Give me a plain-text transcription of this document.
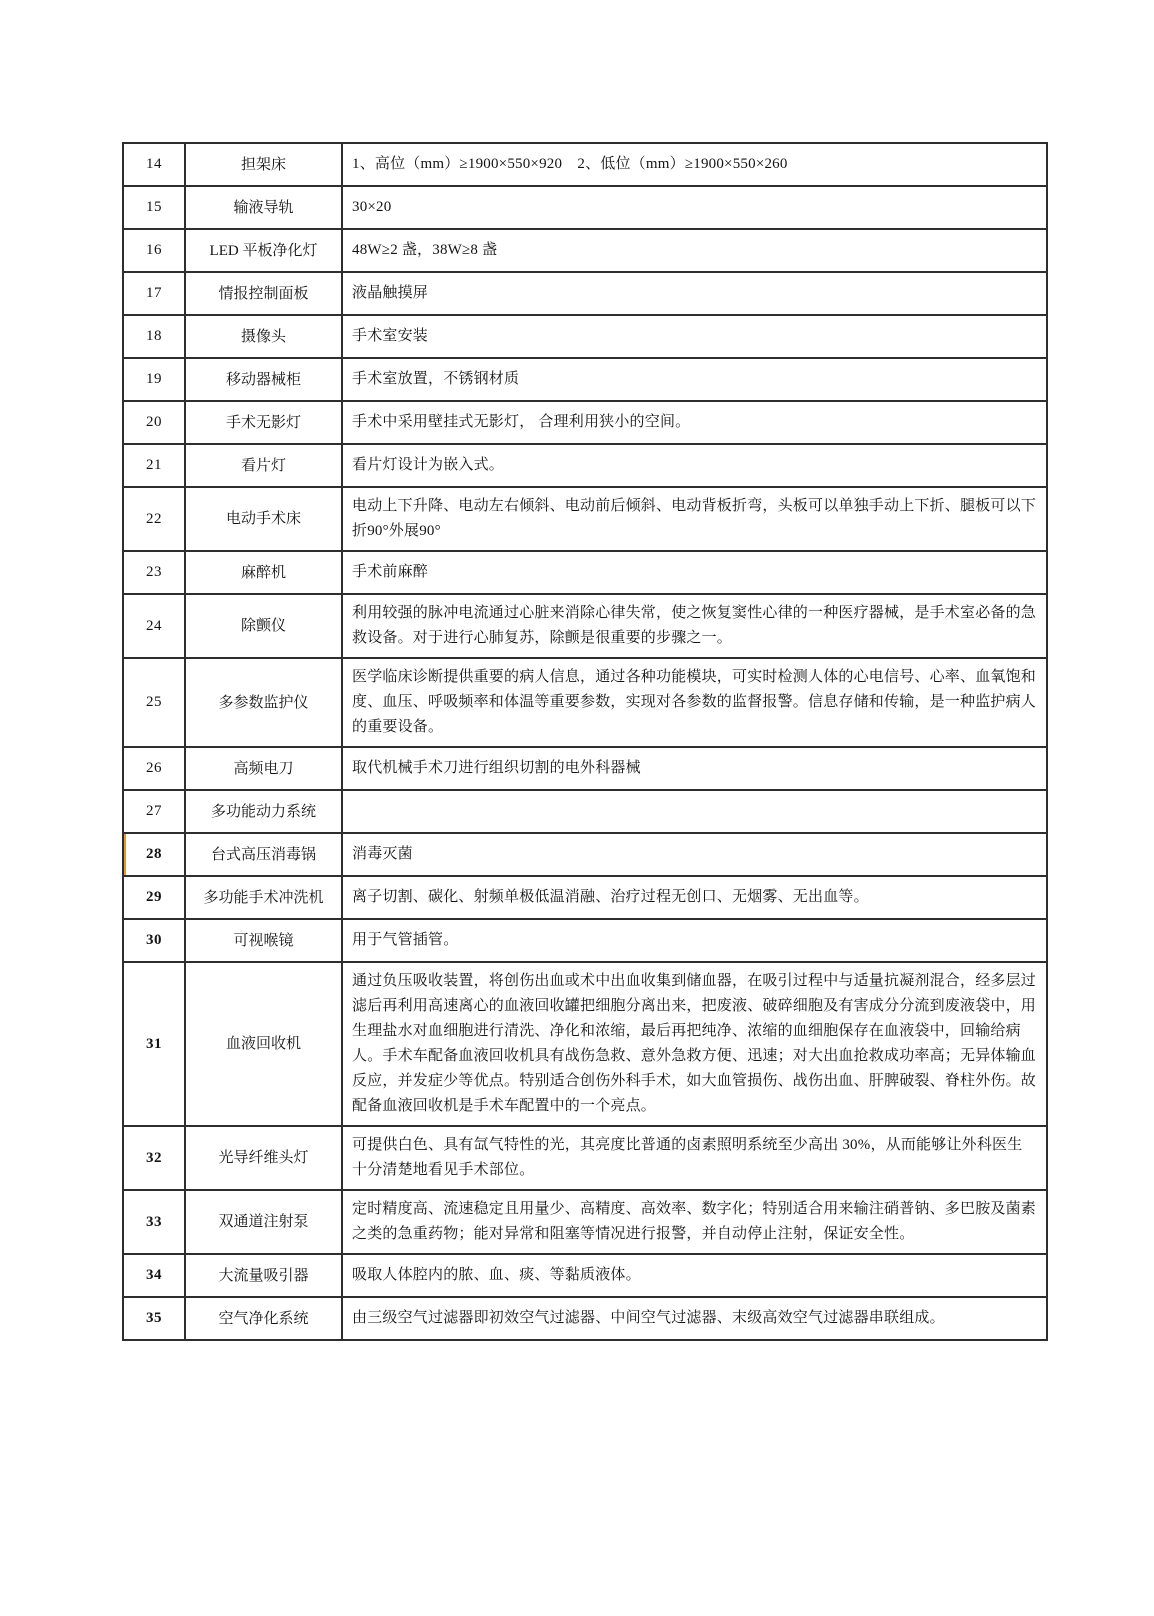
14	担架床	1、高位（mm）≥1900×550×920　2、低位（mm）≥1900×550×260
15	输液导轨	30×20
16	LED 平板净化灯	48W≥2 盏，38W≥8 盏
17	情报控制面板	液晶触摸屏
18	摄像头	手术室安装
19	移动器械柜	手术室放置，不锈钢材质
20	手术无影灯	手术中采用壁挂式无影灯， 合理利用狭小的空间。
21	看片灯	看片灯设计为嵌入式。
22	电动手术床	电动上下升降、电动左右倾斜、电动前后倾斜、电动背板折弯，头板可以单独手动上下折、腿板可以下折90°外展90°
23	麻醉机	手术前麻醉
24	除颤仪	利用较强的脉冲电流通过心脏来消除心律失常，使之恢复窦性心律的一种医疗器械，是手术室必备的急救设备。对于进行心肺复苏，除颤是很重要的步骤之一。
25	多参数监护仪	医学临床诊断提供重要的病人信息，通过各种功能模块，可实时检测人体的心电信号、心率、血氧饱和度、血压、呼吸频率和体温等重要参数，实现对各参数的监督报警。信息存储和传输，是一种监护病人的重要设备。
26	高频电刀	取代机械手术刀进行组织切割的电外科器械
27	多功能动力系统	
28	台式高压消毒锅	消毒灭菌
29	多功能手术冲洗机	离子切割、碳化、射频单极低温消融、治疗过程无创口、无烟雾、无出血等。
30	可视喉镜	用于气管插管。
31	血液回收机	通过负压吸收装置，将创伤出血或术中出血收集到储血器，在吸引过程中与适量抗凝剂混合，经多层过滤后再利用高速离心的血液回收罐把细胞分离出来，把废液、破碎细胞及有害成分分流到废液袋中，用生理盐水对血细胞进行清洗、净化和浓缩，最后再把纯净、浓缩的血细胞保存在血液袋中，回输给病人。手术车配备血液回收机具有战伤急救、意外急救方便、迅速；对大出血抢救成功率高；无异体输血反应，并发症少等优点。特别适合创伤外科手术，如大血管损伤、战伤出血、肝脾破裂、脊柱外伤。故配备血液回收机是手术车配置中的一个亮点。
32	光导纤维头灯	可提供白色、具有氙气特性的光，其亮度比普通的卤素照明系统至少高出 30%，从而能够让外科医生十分清楚地看见手术部位。
33	双通道注射泵	定时精度高、流速稳定且用量少、高精度、高效率、数字化；特别适合用来输注硝普钠、多巴胺及菌素之类的急重药物；能对异常和阻塞等情况进行报警，并自动停止注射，保证安全性。
34	大流量吸引器	吸取人体腔内的脓、血、痰、等黏质液体。
35	空气净化系统	由三级空气过滤器即初效空气过滤器、中间空气过滤器、末级高效空气过滤器串联组成。
